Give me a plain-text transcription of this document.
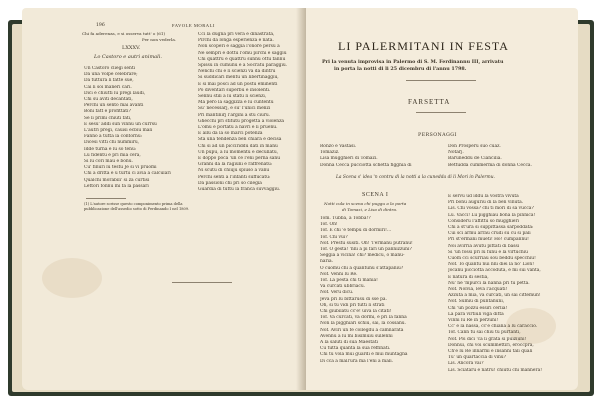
196	FAVOLE MORALI
Chi fa aderenza, e si osserva tutt' o (61)
Per non vederla.
LXXXV.
Lo Castoro e autri animali.
Un Castoro cliegi senti
Da una Volpe celebrare;
Da tuttura li fatte sue,
Cai li soi maneri cari.
Dici e chiuttì lu pregi laudi,
Chi su aviti decantati,
Perchì un sento mai avanti
Boni fatt e profittati?
Se li primi chiuti fati,
E sesu' addi sun vinnu un currsu
L'autri pregi, cauisi ecbiù mali
Fanno a tutta la contornu:
Dicesi vitti chi nummiru,
Idde turna e lu so tenu:
Lu fidentu e pri mia cera,
Si lu cori mau e bonu.
Cu' finuri lu testu Je si vi pruomi
Chi a dritta e u turtu ci avia a calculari
Qualchi morabili' si za curtisi
Lettori fonnu mi fa la passari
(1) L'autore scrisse questo componimento prima della pubblicazione dell'assedio sotto di Ferdinando I nel 1809.
Cci la dugna pri vera e dinastrata,
Pirchì da longa esperienza è nata.
Non scoperi e saggia l'onore persu a
Ne sempri è dottu l'omu pirchì è saggiu
Chi quattru e quattru sunnu ottu fannu
Spissu in cumunu è a Socratu paraggiu.
Nenchi chi è li scienzi va da dintru
Si suddicari mentu un libertinaggiu,
E si mai posci ad un postu eminenti
Po diventari superbu e insolenti.
Sennu stili a lu statu li scienzi,
Ma però la saggizza e lu cuntentu
Su' necessarj, e su' l'unici menzi
Pri mantinirj l'argini a stu ciuru.
Ghecchi pri stitutu progetta a violenza
L'omu e portatu a navri e li pruenu.
E allu da la so marci potenza
Sta una tendenza ben chiara e decisa
Chi si ad un picciriddu dati in manu
Un pupu, a lu momentu è decullatu,
E doppo poca 'un ce l'eni perna sanu
Granni da la ragiuni e raffrenatu:
Ni scutu di chiuju spiuso a vanu
Perchì senti a l'infanti suffucatu:
Da passioni chi pri so cilegia
Guardia di tuttu la franca suvvaggiu.
LI PALERMITANI IN FESTA
Pri la venuta improvisa in Palermo di S. M. Ferdinannu III, arrivatu
in porta la notti di li 25 dicembru di l'annu 1798.
FARSETTA
PERSONAGGI
Ronzo e Vastasi.
Tomaziz.
Lisa mugghieri di Tomazi.
Donna Cecca pucciotta schetta figghia di
Don Prosperu suo cuaz.
Notarj.
Baruneddu de Ciancilia.
Bettudda cummerma di donna Cecca.
La Scena s' idea 'n contru di la notti a la cunedda di li Mori in Palermu.
SCENA I
Notti cula in scena chi puggu a la porta
di Tomazi, e Lisa di dintra.
Tom. Tubbà, a Tobbà!?
Tof. Oh!
Tof. E chi 'è tempu di dormiri!...
Tof. Chi vui?
Nof. Prestu susiti. Oh! 'l'ermanu putranu!
Tof. O gesta! 'nni a pi fari un pannizzuni?
Seggia a vicina! chi? medicu, o manu-
naria.
O cuomu chi a quantunu s'attapaniu?
Nof. Venni lu Re.
Tof. La pesta chi ti mania!
Va curcati ubbriacu.
Nof. Veru dicu.
Jeva pri lu bittarusu di sse pà.
Oh, si tu vidi pri tutti li strati
Chi giubilatu cc'è! uiva la citati!
Tof. Va curcati, va dormi, e pri la fanna
Non la pigghiari schiu, sai, la cossanu.
Nof. Aviri un fe collegdu a camnarata
Avennu a lu mi bisimuiu sullenni
A la saluti di sua Maestati
Cu tutta quanta la sua reffinati.
Chi tu vola mui guardi e mui muntagna
Di cca a mall'ura ma l'eni a mali.
E servu ud iddu la vostra vivuta
Pri bonu auguriu di la ben vinuta.
Lis. Chi vossa? chi ti mori di sa vucca?
Lu. Vacci! Lu pigghiau bona la pinnica!
Consideru l'affittu so mugghieri
Chi a st'ura si suppittassa sarpoddata:
Cui sci armu arrau crudi sù cu si pali
Pri st'ermani mueti! Ho! cumpannu!
Noi avirria avutu pittati di bassi
Si 'un fossi pri lu funu e la virtuchiu
Cuom cci scurriau sou beddu specchiu!
Nof. To quantu nui nni diei la no' Lion!
Jocanu picciotta accoduta, e mi sui vanta,
E natura di sestia,
Nu' ne 'mpurci la nanna pri tu petta.
Nof. Nolvia, leva l'acquati!
Azzuta a mia, va curcati, un sai cittemun!
Nof. Sumiu di puntanuni,
Chi 'un pozzu essiri cerlia!
La para virtiuli viga ditta
Vinni lu Re in perzuni!
Cc' è la nassa, cc'è chiana a lu caraccio.
Tof. Cann tu sai chiù tu purtanti,
Nof. Poi dici 'ca li grata si puiziuni!
Donnui, chi voi scummettiri, eroccpra,
Ch'è lu Re innarmi e insanni tali quali
Tu' un quartaccia di vinu?
Lis. Ancora vai?
Lis. Sciataru e natru! chiutu chi mannera!
